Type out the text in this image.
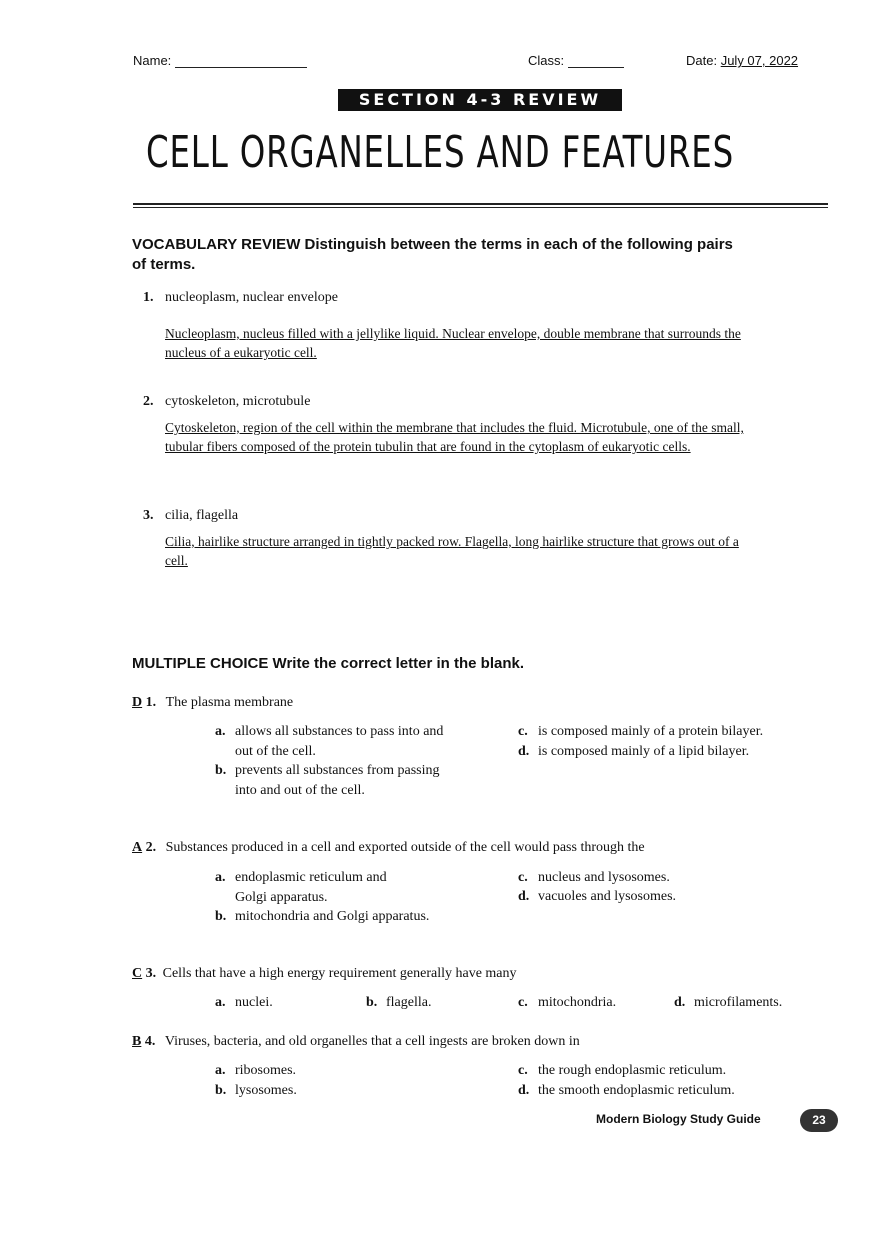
Name:	Class:	Date: July 07, 2022
SECTION 4-3 REVIEW
CELL ORGANELLES AND FEATURES
VOCABULARY REVIEW Distinguish between the terms in each of the following pairs
of terms.
1. nucleoplasm, nuclear envelope
Nucleoplasm, nucleus filled with a jellylike liquid. Nuclear envelope, double membrane that surrounds the
nucleus of a eukaryotic cell.
2. cytoskeleton, microtubule
Cytoskeleton, region of the cell within the membrane that includes the fluid. Microtubule, one of the small,
tubular fibers composed of the protein tubulin that are found in the cytoplasm of eukaryotic cells.
3. cilia, flagella
Cilia, hairlike structure arranged in tightly packed row. Flagella, long hairlike structure that grows out of a
cell.
MULTIPLE CHOICE Write the correct letter in the blank.
D 1. The plasma membrane
a. allows all substances to pass into and
out of the cell.
b. prevents all substances from passing
into and out of the cell.
c. is composed mainly of a protein bilayer.
d. is composed mainly of a lipid bilayer.
A 2. Substances produced in a cell and exported outside of the cell would pass through the
a. endoplasmic reticulum and
Golgi apparatus.
b. mitochondria and Golgi apparatus.
c. nucleus and lysosomes.
d. vacuoles and lysosomes.
C 3. Cells that have a high energy requirement generally have many
a. nuclei.	b. flagella.	c. mitochondria.	d. microfilaments.
B 4. Viruses, bacteria, and old organelles that a cell ingests are broken down in
a. ribosomes.
b. lysosomes.
c. the rough endoplasmic reticulum.
d. the smooth endoplasmic reticulum.
Modern Biology Study Guide	23
